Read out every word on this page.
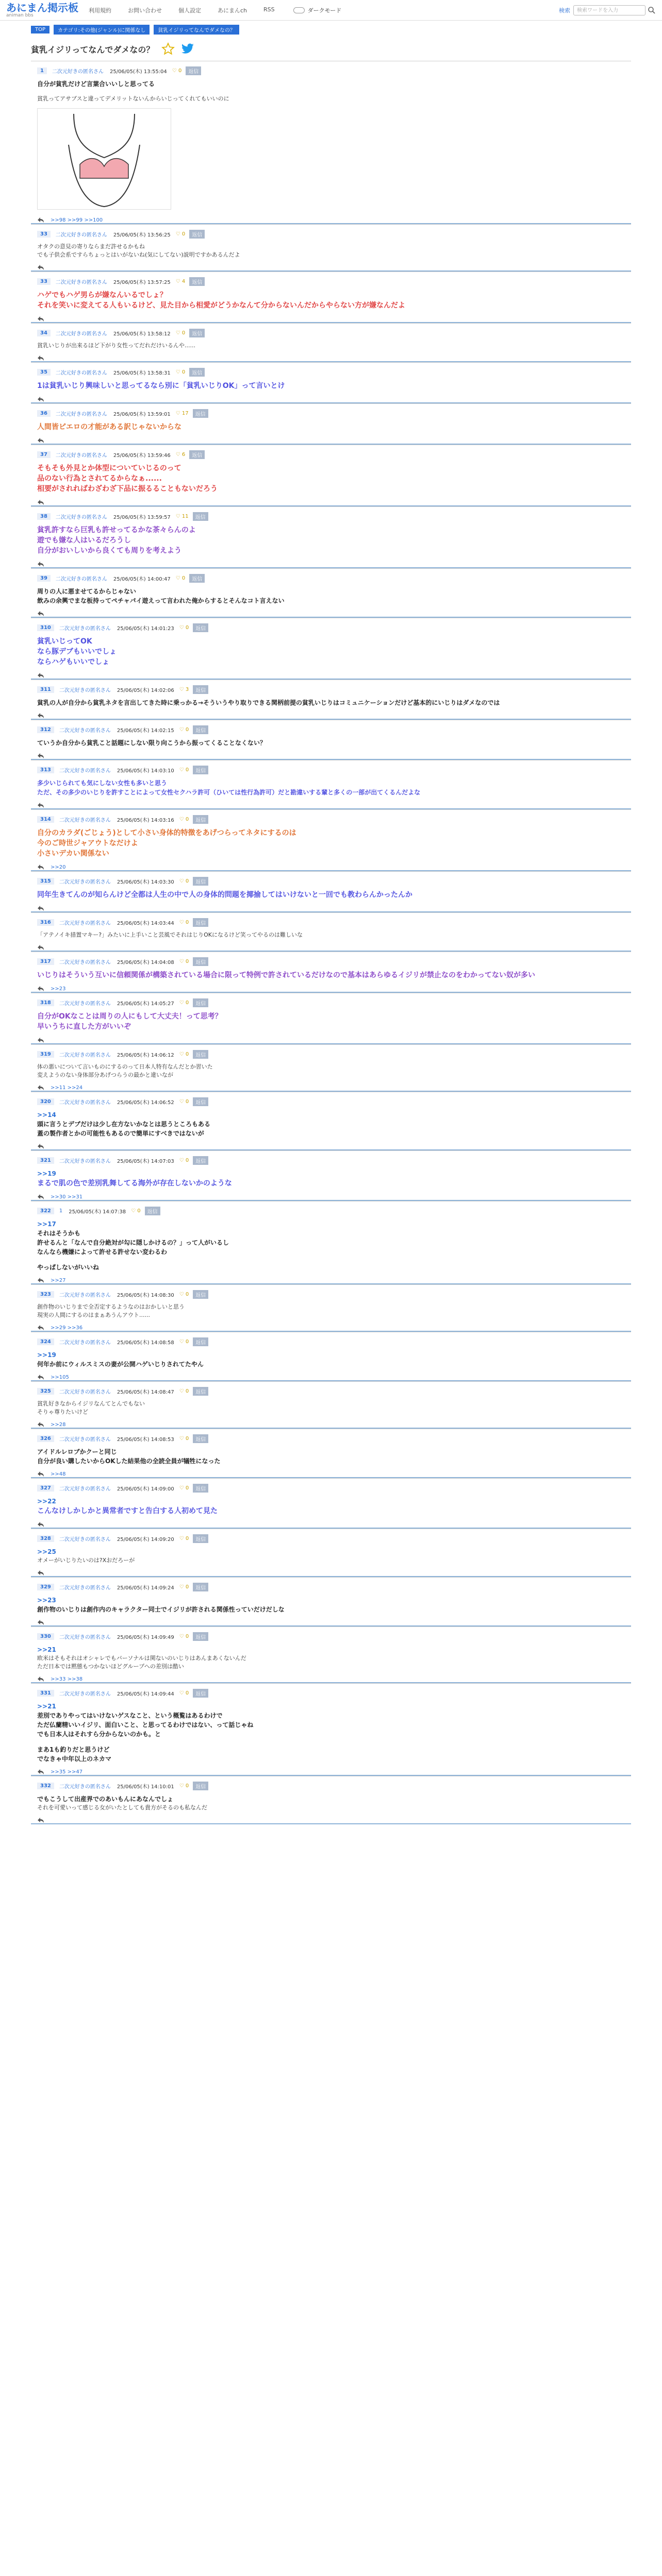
あにまん掲示板
animan bbs
利用規約	お問い合わせ	個人設定	あにまんch	RSS	ダークモード	検索	検索ワードを入力
TOP	カテゴリ:その他(ジャンル)に関係なし	貧乳イジリってなんでダメなの？
貧乳イジリってなんでダメなの？
1	二次元好きの匿名さん 25/06/05(木) 13:55:04 ♡ 0	返信
自分が貧乳だけど言葉合いいしと思ってる
貧乳ってアサブスと違ってデメリットないんからいじってくれてもいいのに
>>98 >>99 >>100
33	二次元好きの匿名さん 25/06/05(木) 13:56:25 ♡ 0	返信
オタクの意見の寄りならまだ許せるかもね
でも子供会系ですらちょっとはいがないね(気にしてない)説明ですかあるんだよ
33	二次元好きの匿名さん 25/06/05(木) 13:57:25 ♡ 4	返信
ハゲでもハゲ男らが嫌なんいるでしょ？
それを笑いに変えてる人もいるけど、見た目から相愛がどうかなんて分からないんだからやらない方が嫌なんだよ
34	二次元好きの匿名さん 25/06/05(木) 13:58:12 ♡ 0	返信
貧乳いじりが出来るほど下がり女性ってだれだけいるんや......
35	二次元好きの匿名さん 25/06/05(木) 13:58:31 ♡ 0	返信
1は貧乳いじり興味しいと思ってるなら別に「貧乳いじりOK」って言いとけ
36	二次元好きの匿名さん 25/06/05(木) 13:59:01 ♡ 17	返信
人間皆ピエロの才能がある訳じゃないからな
37	二次元好きの匿名さん 25/06/05(木) 13:59:46 ♡ 6	返信
そもそも外見とか体型についていじるのって
品のない行為とされてるからなぁ......
相要がされればわざわざ下品に振るることもないだろう
38	二次元好きの匿名さん 25/06/05(木) 13:59:57 ♡ 11	返信
貧乳許すなら巨乳も許せってるかな茶々らんのよ
遊でも嫌な人はいるだろうし
自分がおいしいから良くても周りを考えよう
39	二次元好きの匿名さん 25/06/05(木) 14:00:47 ♡ 0	返信
周りの人に悪ませてるからじゃない
飲みの余興でまな板持ってペチャパイ遊えって言われた俺からするとそんなコト言えない
310	二次元好きの匿名さん 25/06/05(木) 14:01:23 ♡ 0	返信
貧乳いじってOK
なら豚デブもいいでしょ
ならハゲもいいでしょ
311	二次元好きの匿名さん 25/06/05(木) 14:02:06 ♡ 3	返信
貧乳の人が自分から貧乳ネタを言出してきた時に乗っかる→そういうやり取りできる関柄前提の貧乳いじりはコミュニケーションだけど基本的にいじりはダメなのでは
312	二次元好きの匿名さん 25/06/05(木) 14:02:15 ♡ 0	返信
ていうか自分から貧乳こと話題にしない限り向こうから振ってくることなくない？
313	二次元好きの匿名さん 25/06/05(木) 14:03:10 ♡ 0	返信
多少いじられても気にしない女性も多いと思う
ただ、その多少のいじりを許すことによって女性セクハラ許可（ひいては性行為許可）だと勘違いする輩と多くの一部が出てくるんだよな
314	二次元好きの匿名さん 25/06/05(木) 14:03:16 ♡ 0	返信
自分のカラダ(ごじょう)として小さい身体的特徴をあげつらってネタにするのは
今のご時世ジャアウトなだけよ
小さいデカい関係ない
>>20
315	二次元好きの匿名さん 25/06/05(木) 14:03:30 ♡ 0	返信
同年生きてんのが知らんけど全都は人生の中で人の身体的問題を揶揄してはいけないと一回でも教わらんかったんか
316	二次元好きの匿名さん 25/06/05(木) 14:03:44 ♡ 0	返信
「アテノイキ措置マキー?」みたいに上手いこと芸風でそれはじりOKになるけど笑ってやるのは難しいな
317	二次元好きの匿名さん 25/06/05(木) 14:04:08 ♡ 0	返信
いじりはそういう互いに信頼関係が構築されている場合に限って特例で許されているだけなので基本はあらゆるイジリが禁止なのをわかってない奴が多い
>>23
318	二次元好きの匿名さん 25/06/05(木) 14:05:27 ♡ 0	返信
自分がOKなことは周りの人にもして大丈夫！って思考？
早いうちに直した方がいいぞ
319	二次元好きの匿名さん 25/06/05(木) 14:06:12 ♡ 0	返信
体の悪いについて言いものにするのって日本人特有なんだとか習いた
変えようのない身体部分あげつらうの最かと違いなが
>>11 >>24
320	二次元好きの匿名さん 25/06/05(木) 14:06:52 ♡ 0	返信
>>14
頭に言うとデブだけは少し在方ないかなとは思うところもある
蓋の製作者とかの可能性もあるので簡単にすべきではないが
321	二次元好きの匿名さん 25/06/05(木) 14:07:03 ♡ 0	返信
>>19
まるで肌の色で差別乳舞してる海外が存在しないかのような
>>30 >>31
322	1 25/06/05(木) 14:07:38 ♡ 0	返信
>>17
それはそうかも
許せるんと「なんで自分絶対が勾に隠しかけるの？」って人がいるし
なんなら機嫌によって許せる許せない変わるわ
やっぱしないがいいね
>>27
323	二次元好きの匿名さん 25/06/05(木) 14:08:30 ♡ 0	返信
創作物のいじりまで全否定するようなのはおかしいと思う
現実の人間にするのはまぁあうんアウト......
>>29 >>36
324	二次元好きの匿名さん 25/06/05(木) 14:08:58 ♡ 0	返信
>>19
何年か前にウィルスミスの妻が公開ハゲいじりされてたやん
>>105
325	二次元好きの匿名さん 25/06/05(木) 14:08:47 ♡ 0	返信
貧乳好きなからイジリなんてとんでもない
そりゃ尊りたいけど
>>28
326	二次元好きの匿名さん 25/06/05(木) 14:08:53 ♡ 0	返信
アイドルレロブかクーと同じ
自分が良い購したいからOKした結果他の全読全員が犠牲になった
>>48
327	二次元好きの匿名さん 25/06/05(木) 14:09:00 ♡ 0	返信
>>22
こんなけしかしかと異常者ですと告白する人初めて見た
328	二次元好きの匿名さん 25/06/05(木) 14:09:20 ♡ 0	返信
>>25
オメーがいじりたいのは?Xおだろーが
329	二次元好きの匿名さん 25/06/05(木) 14:09:24 ♡ 0	返信
>>23
創作物のいじりは創作内のキャラクター同士でイジリが許される関係性っていだけだしな
330	二次元好きの匿名さん 25/06/05(木) 14:09:49 ♡ 0	返信
>>21
欧米はそもそれはオシャレでもバーソナルは関ないのいじりはあんまあくないんだ
ただ日本では黙態もつかないほどグループへの差別は酷い
>>33 >>38
331	二次元好きの匿名さん 25/06/05(木) 14:09:44 ♡ 0	返信
>>21
差別でありやってはいけないゲスなこと、という概覧はあるわけで
ただ仏蘭精いいイジリ、面白いこと、と思ってるわけではない、って話じゃね
でも日本人はそれすら分からないのかも。と
まあ1も釣りだと思うけど
でなきゃ中年以上のネカマ
>>35 >>47
332	二次元好きの匿名さん 25/06/05(木) 14:10:01 ♡ 0	返信
でもこうして出産界でのあいもんにあなんでしょ
それを可愛いって感じる女がいたとしても貴方がそるのも私なんだ
